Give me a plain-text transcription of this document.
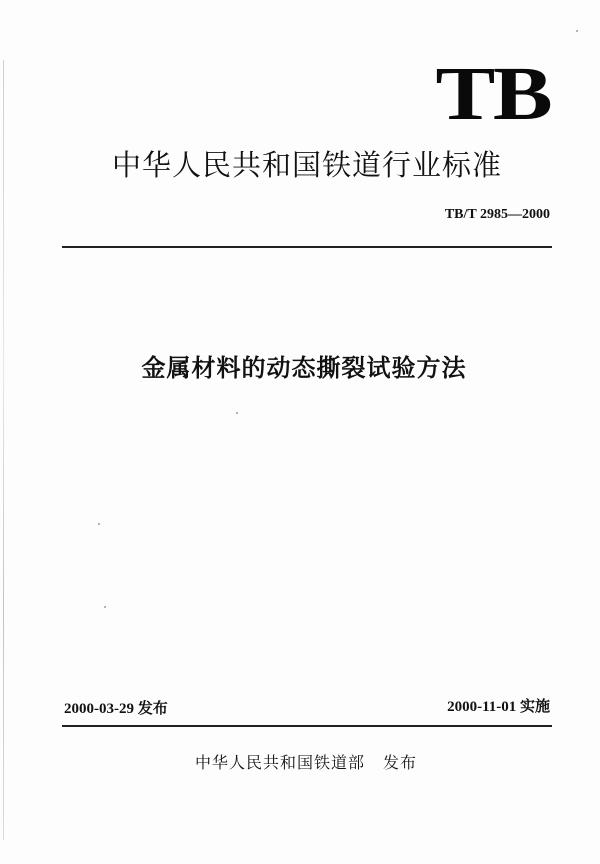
TB
中华人民共和国铁道行业标准
TB/T 2985—2000
金属材料的动态撕裂试验方法
2000-03-29 发布	2000-11-01 实施
中华人民共和国铁道部 发布
